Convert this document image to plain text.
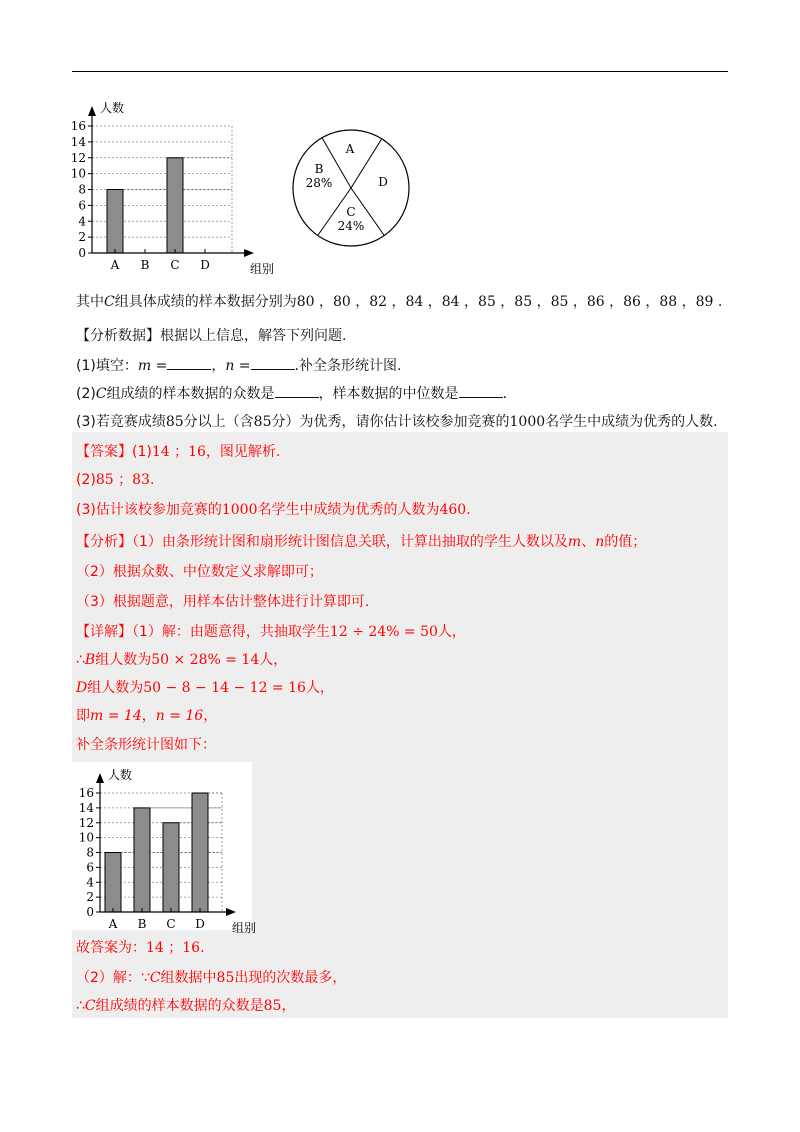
16
14
12
10
8
6
4
2
0
A B C D
人数
组别
A
B
28%
C
24%
D
其中C组具体成绩的样本数据分别为80 ，80 ，82 ，84 ，84 ，85 ，85 ，85 ，86 ，86 ，88 ，89 .
【分析数据】根据以上信息，解答下列问题.
(1)填空：m =	，n =	.补全条形统计图.
(2)C组成绩的样本数据的众数是	，样本数据的中位数是	.
(3)若竞赛成绩85分以上（含85分）为优秀，请你估计该校参加竞赛的1000名学生中成绩为优秀的人数.
【答案】(1)14 ；16，图见解析.
(2)85 ；83.
(3)估计该校参加竞赛的1000名学生中成绩为优秀的人数为460.
【分析】（1）由条形统计图和扇形统计图信息关联，计算出抽取的学生人数以及m、n的值；
（2）根据众数、中位数定义求解即可；
（3）根据题意，用样本估计整体进行计算即可.
【详解】（1）解：由题意得，共抽取学生12 ÷ 24% = 50人，
∴B组人数为50 × 28% = 14人，
D组人数为50 − 8 − 14 − 12 = 16人，
即m = 14，n = 16，
补全条形统计图如下：
16
14
12
10
8
6
4
2
0
A B C D
人数
组别
故答案为：14 ；16.
（2）解：∵C组数据中85出现的次数最多，
∴C组成绩的样本数据的众数是85，
